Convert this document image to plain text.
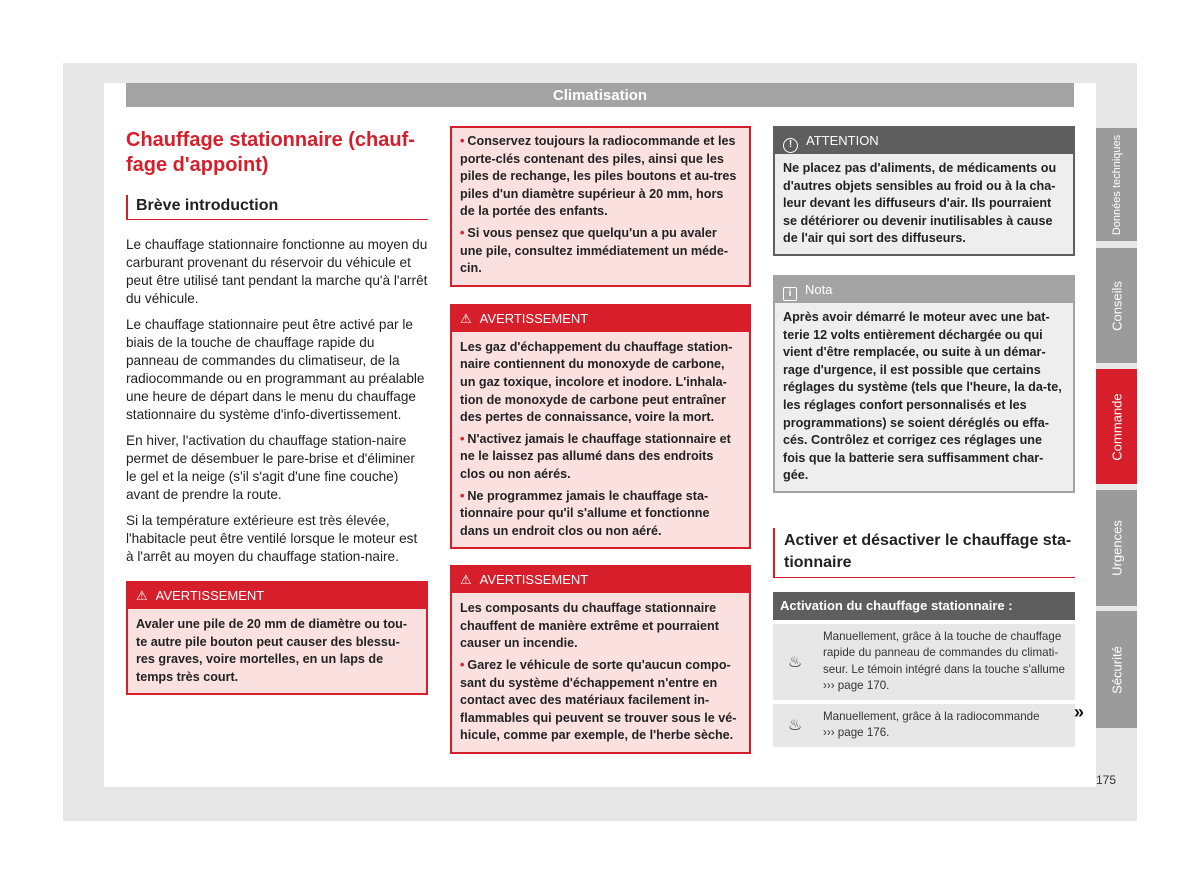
Climatisation
Données techniques
Conseils
Commande
Urgences
Sécurité
Chauffage stationnaire (chauf-fage d'appoint)
Brève introduction

Le chauffage stationnaire fonctionne au moyen du carburant provenant du réservoir du véhicule et peut être utilisé tant pendant la marche qu'à l'arrêt du véhicule.

Le chauffage stationnaire peut être activé par le biais de la touche de chauffage rapide du panneau de commandes du climatiseur, de la radiocommande ou en programmant au préalable une heure de départ dans le menu du chauffage stationnaire du système d'info-divertissement.

En hiver, l'activation du chauffage station-naire permet de désembuer le pare-brise et d'éliminer le gel et la neige (s'il s'agit d'une fine couche) avant de prendre la route.

Si la température extérieure est très élevée, l'habitacle peut être ventilé lorsque le moteur est à l'arrêt au moyen du chauffage station-naire.

⚠ AVERTISSEMENT
Avaler une pile de 20 mm de diamètre ou tou-te autre pile bouton peut causer des blessu-res graves, voire mortelles, en un laps de temps très court.

• Conservez toujours la radiocommande et les porte-clés contenant des piles, ainsi que les piles de rechange, les piles boutons et au-tres piles d'un diamètre supérieur à 20 mm, hors de la portée des enfants.

• Si vous pensez que quelqu'un a pu avaler une pile, consultez immédiatement un méde-cin.

⚠ AVERTISSEMENT

Les gaz d'échappement du chauffage station-naire contiennent du monoxyde de carbone, un gaz toxique, incolore et inodore. L'inhala-tion de monoxyde de carbone peut entraîner des pertes de connaissance, voire la mort.

• N'activez jamais le chauffage stationnaire et ne le laissez pas allumé dans des endroits clos ou non aérés.

• Ne programmez jamais le chauffage sta-tionnaire pour qu'il s'allume et fonctionne dans un endroit clos ou non aéré.

⚠ AVERTISSEMENT

Les composants du chauffage stationnaire chauffent de manière extrême et pourraient causer un incendie.

• Garez le véhicule de sorte qu'aucun compo-sant du système d'échappement n'entre en contact avec des matériaux facilement in-flammables qui peuvent se trouver sous le vé-hicule, comme par exemple, de l'herbe sèche.

! ATTENTION
Ne placez pas d'aliments, de médicaments ou d'autres objets sensibles au froid ou à la cha-leur devant les diffuseurs d'air. Ils pourraient se détériorer ou devenir inutilisables à cause de l'air qui sort des diffuseurs.
i Nota
Après avoir démarré le moteur avec une bat-terie 12 volts entièrement déchargée ou qui vient d'être remplacée, ou suite à un démar-rage d'urgence, il est possible que certains réglages du système (tels que l'heure, la da-te, les réglages confort personnalisés et les programmations) se soient déréglés ou effa-cés. Contrôlez et corrigez ces réglages une fois que la batterie sera suffisamment char-gée.
Activer et désactiver le chauffage sta-tionnaire
Activation du chauffage stationnaire :
♨
Manuellement, grâce à la touche de chauffage rapide du panneau de commandes du climati-seur. Le témoin intégré dans la touche s'allume
››› page 170.
♨
Manuellement, grâce à la radiocommande
››› page 176.
»
175
